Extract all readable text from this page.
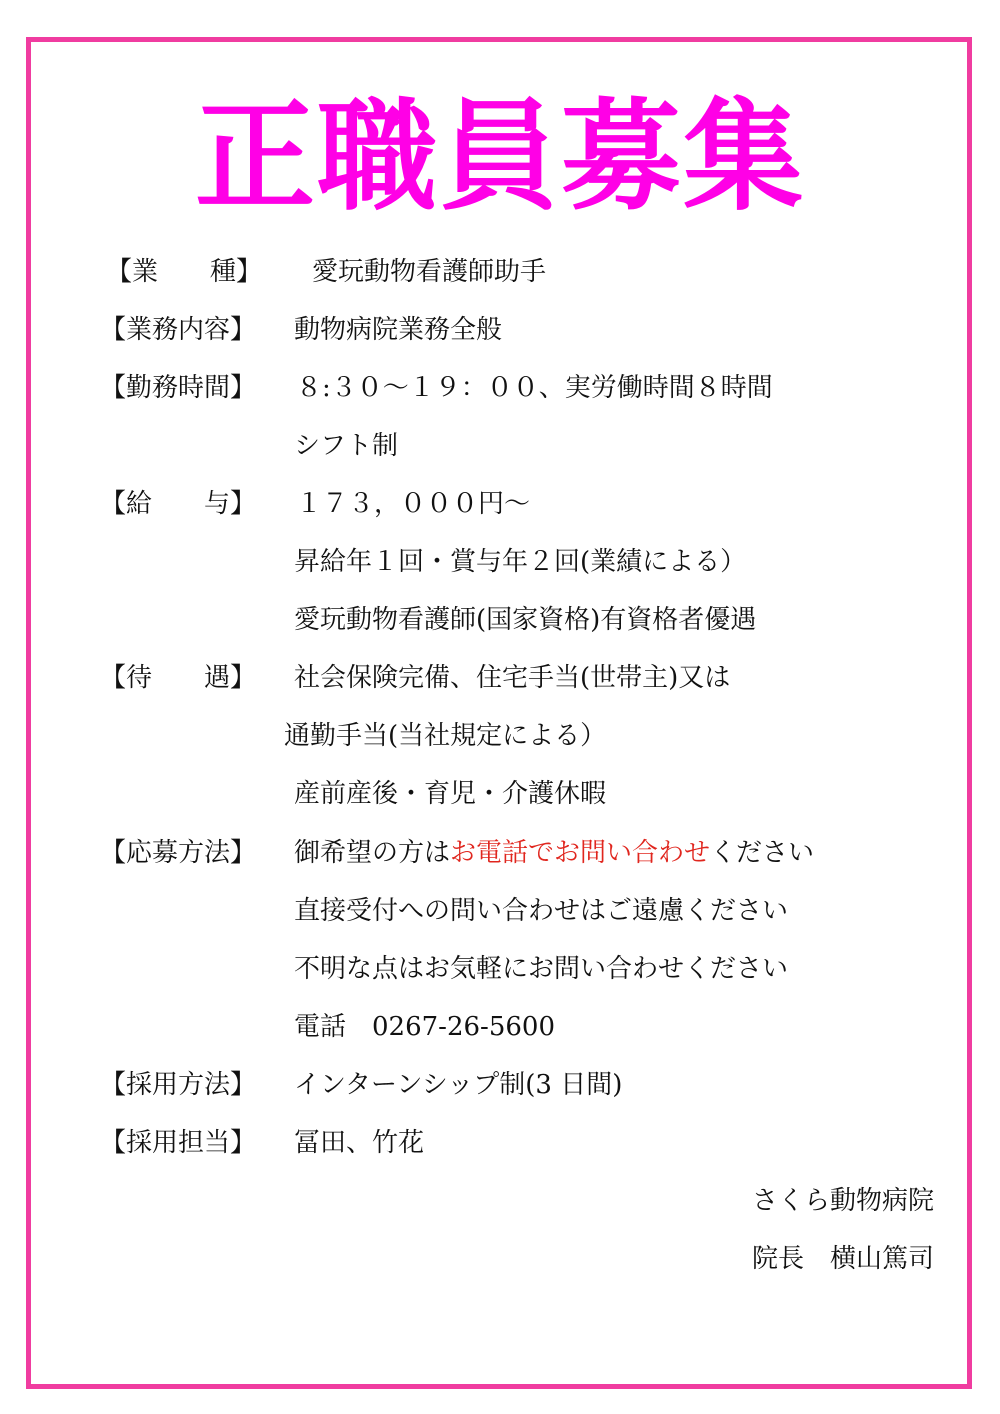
正職員募集
【業　　種】 愛玩動物看護師助手
【業務内容】 動物病院業務全般
【勤務時間】 ８:３０～１９：００、実労働時間８時間
シフト制
【給　　与】 １７３，０００円～
昇給年１回・賞与年２回(業績による）
愛玩動物看護師(国家資格)有資格者優遇
【待　　遇】 社会保険完備、住宅手当(世帯主)又は
通勤手当(当社規定による）
産前産後・育児・介護休暇
【応募方法】 御希望の方はお電話でお問い合わせください
直接受付への問い合わせはご遠慮ください
不明な点はお気軽にお問い合わせください
電話　0267-26-5600
【採用方法】 インターンシップ制(3 日間)
【採用担当】 冨田、竹花
さくら動物病院
院長　横山篤司
